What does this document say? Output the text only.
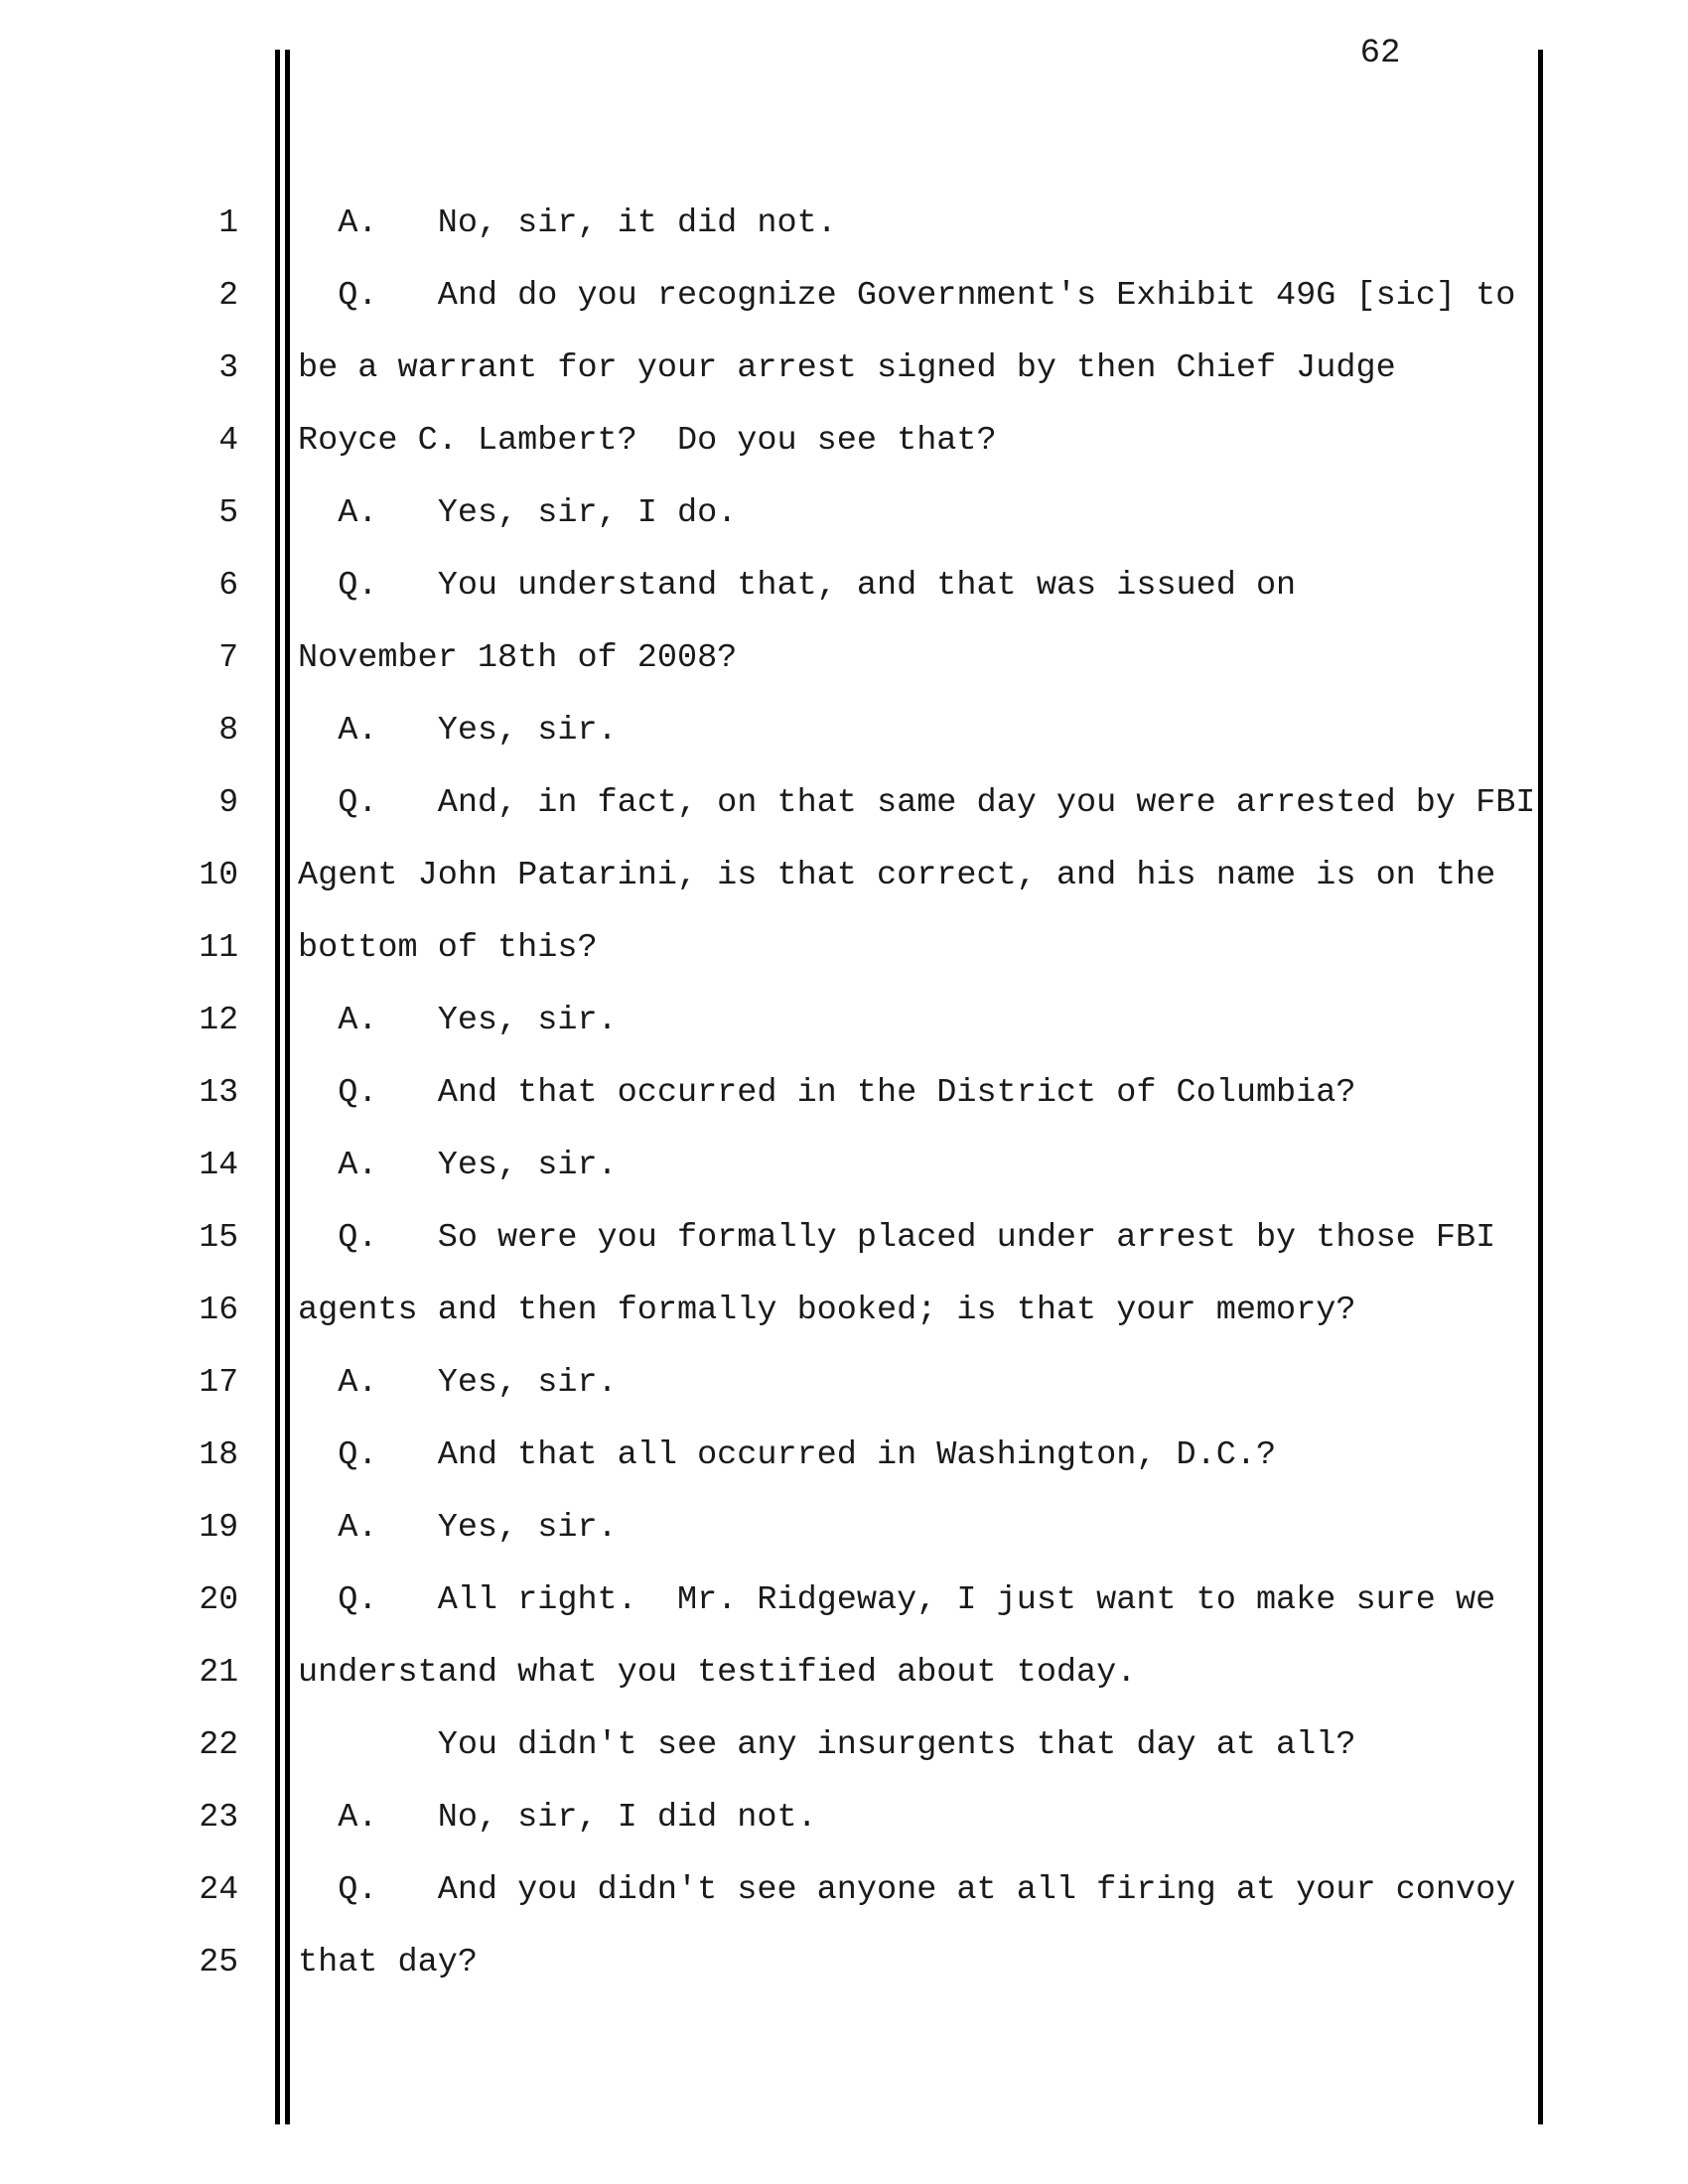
62
1 A.   No, sir, it did not.
2 Q.   And do you recognize Government's Exhibit 49G [sic] to
3 be a warrant for your arrest signed by then Chief Judge
4 Royce C. Lambert?  Do you see that?
5 A.   Yes, sir, I do.
6 Q.   You understand that, and that was issued on
7 November 18th of 2008?
8 A.   Yes, sir.
9 Q.   And, in fact, on that same day you were arrested by FBI
10 Agent John Patarini, is that correct, and his name is on the
11 bottom of this?
12 A.   Yes, sir.
13 Q.   And that occurred in the District of Columbia?
14 A.   Yes, sir.
15 Q.   So were you formally placed under arrest by those FBI
16 agents and then formally booked; is that your memory?
17 A.   Yes, sir.
18 Q.   And that all occurred in Washington, D.C.?
19 A.   Yes, sir.
20 Q.   All right.  Mr. Ridgeway, I just want to make sure we
21 understand what you testified about today.
22 You didn't see any insurgents that day at all?
23 A.   No, sir, I did not.
24 Q.   And you didn't see anyone at all firing at your convoy
25 that day?
